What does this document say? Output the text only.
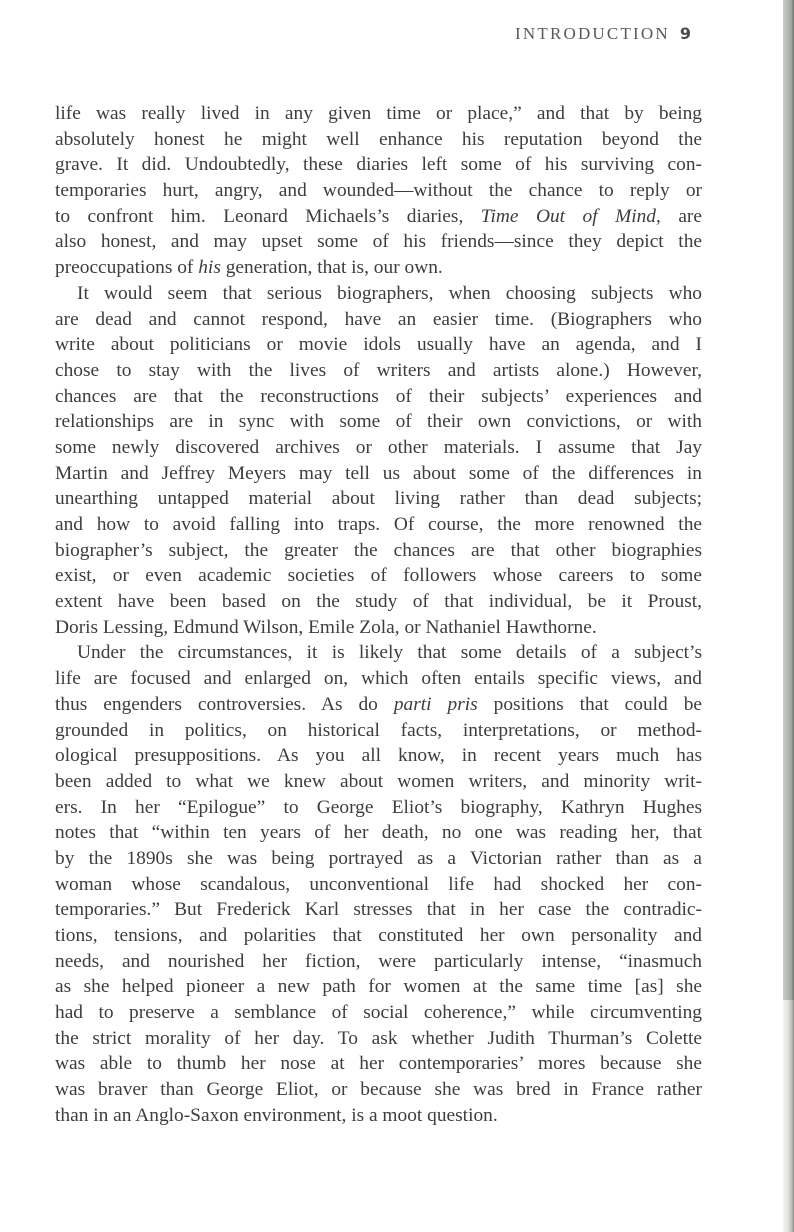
INTRODUCTION 9

life was really lived in any given time or place,” and that by being
absolutely honest he might well enhance his reputation beyond the
grave. It did. Undoubtedly, these diaries left some of his surviving con-
temporaries hurt, angry, and wounded—without the chance to reply or
to confront him. Leonard Michaels’s diaries, Time Out of Mind, are
also honest, and may upset some of his friends—since they depict the
preoccupations of his generation, that is, our own.

It would seem that serious biographers, when choosing subjects who
are dead and cannot respond, have an easier time. (Biographers who
write about politicians or movie idols usually have an agenda, and I
chose to stay with the lives of writers and artists alone.) However,
chances are that the reconstructions of their subjects’ experiences and
relationships are in sync with some of their own convictions, or with
some newly discovered archives or other materials. I assume that Jay
Martin and Jeffrey Meyers may tell us about some of the differences in
unearthing untapped material about living rather than dead subjects;
and how to avoid falling into traps. Of course, the more renowned the
biographer’s subject, the greater the chances are that other biographies
exist, or even academic societies of followers whose careers to some
extent have been based on the study of that individual, be it Proust,
Doris Lessing, Edmund Wilson, Emile Zola, or Nathaniel Hawthorne.

Under the circumstances, it is likely that some details of a subject’s
life are focused and enlarged on, which often entails specific views, and
thus engenders controversies. As do parti pris positions that could be
grounded in politics, on historical facts, interpretations, or method-
ological presuppositions. As you all know, in recent years much has
been added to what we knew about women writers, and minority writ-
ers. In her “Epilogue” to George Eliot’s biography, Kathryn Hughes
notes that “within ten years of her death, no one was reading her, that
by the 1890s she was being portrayed as a Victorian rather than as a
woman whose scandalous, unconventional life had shocked her con-
temporaries.” But Frederick Karl stresses that in her case the contradic-
tions, tensions, and polarities that constituted her own personality and
needs, and nourished her fiction, were particularly intense, “inasmuch
as she helped pioneer a new path for women at the same time [as] she
had to preserve a semblance of social coherence,” while circumventing
the strict morality of her day. To ask whether Judith Thurman’s Colette
was able to thumb her nose at her contemporaries’ mores because she
was braver than George Eliot, or because she was bred in France rather
than in an Anglo-Saxon environment, is a moot question.
